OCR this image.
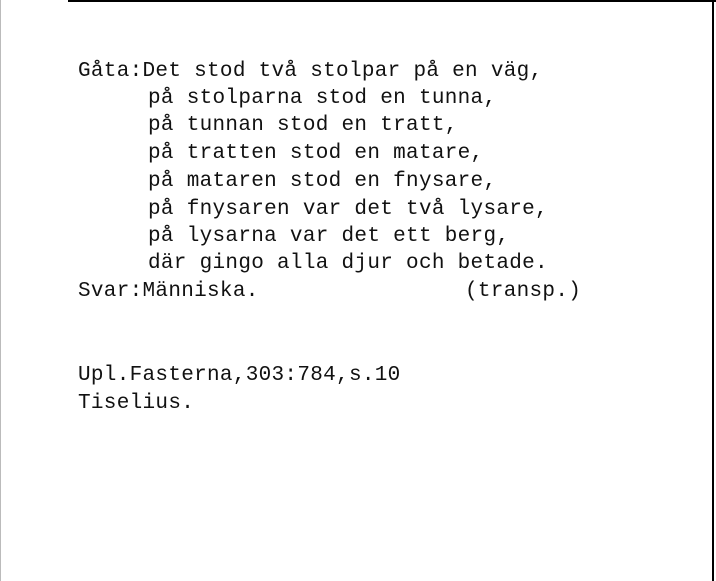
Gåta:Det stod två stolpar på en väg,
på stolparna stod en tunna,
på tunnan stod en tratt,
på tratten stod en matare,
på mataren stod en fnysare,
på fnysaren var det två lysare,
på lysarna var det ett berg,
där gingo alla djur och betade.
Svar:Människa.	(transp.)
Upl.Fasterna,303:784,s.10
Tiselius.
